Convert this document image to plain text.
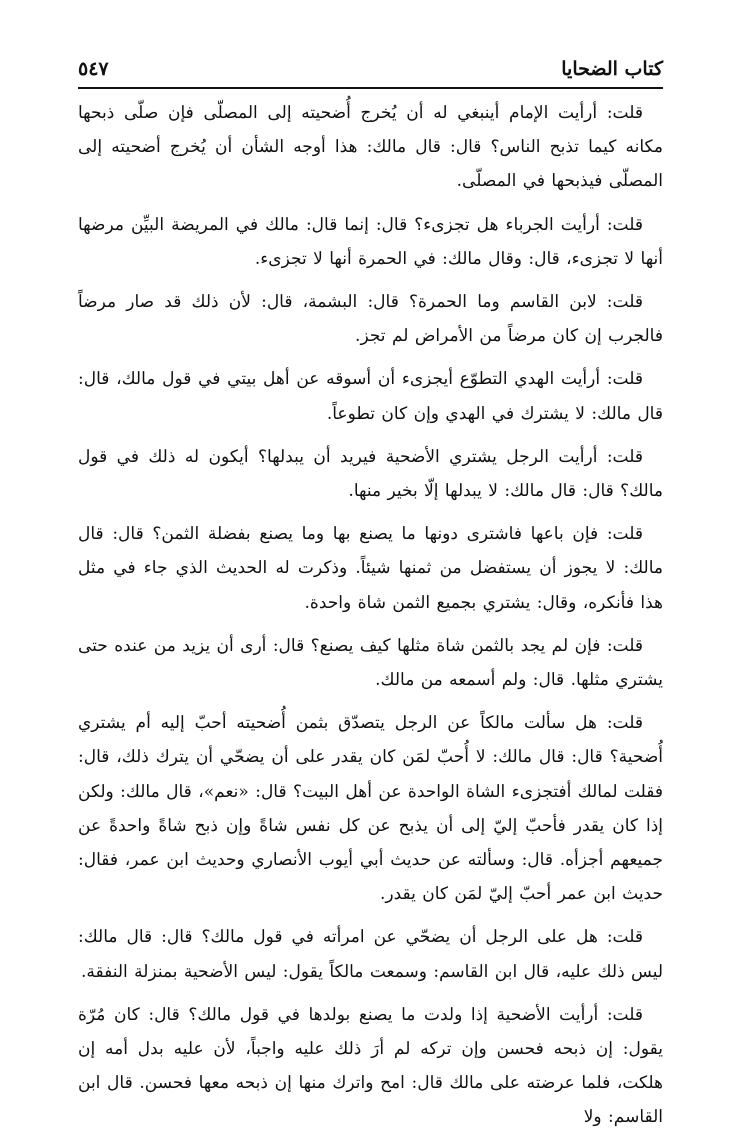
كتاب الضحايا
٥٤٧

قلت: أرأيت الإمام أينبغي له أن يُخرج أُضحيته إلى المصلّى فإن صلّى ذبحها مكانه كيما تذبح الناس؟ قال: قال مالك: هذا أوجه الشأن أن يُخرج أضحيته إلى المصلّى فيذبحها في المصلّى.

قلت: أرأيت الجرباء هل تجزىء؟ قال: إنما قال: مالك في المريضة البيِّن مرضها أنها لا تجزىء، قال: وقال مالك: في الحمرة أنها لا تجزىء.

قلت: لابن القاسم وما الحمرة؟ قال: البشمة، قال: لأن ذلك قد صار مرضاً فالجرب إن كان مرضاً من الأمراض لم تجز.

قلت: أرأيت الهدي التطوّع أيجزىء أن أسوقه عن أهل بيتي في قول مالك، قال: قال مالك: لا يشترك في الهدي وإن كان تطوعاً.

قلت: أرأيت الرجل يشتري الأضحية فيريد أن يبدلها؟ أيكون له ذلك في قول مالك؟ قال: قال مالك: لا يبدلها إلّا بخير منها.

قلت: فإن باعها فاشترى دونها ما يصنع بها وما يصنع بفضلة الثمن؟ قال: قال مالك: لا يجوز أن يستفضل من ثمنها شيئاً. وذكرت له الحديث الذي جاء في مثل هذا فأنكره، وقال: يشتري بجميع الثمن شاة واحدة.

قلت: فإن لم يجد بالثمن شاة مثلها كيف يصنع؟ قال: أرى أن يزيد من عنده حتى يشتري مثلها. قال: ولم أسمعه من مالك.

قلت: هل سألت مالكاً عن الرجل يتصدّق بثمن أُضحيته أحبّ إليه أم يشتري أُضحية؟ قال: قال مالك: لا أُحبّ لمَن كان يقدر على أن يضحّي أن يترك ذلك، قال: فقلت لمالك أفتجزىء الشاة الواحدة عن أهل البيت؟ قال: «نعم»، قال مالك: ولكن إذا كان يقدر فأحبّ إليّ إلى أن يذبح عن كل نفس شاةً وإن ذبح شاةً واحدةً عن جميعهم أجزأه. قال: وسألته عن حديث أبي أيوب الأنصاري وحديث ابن عمر، فقال: حديث ابن عمر أحبّ إليّ لمَن كان يقدر.

قلت: هل على الرجل أن يضحّي عن امرأته في قول مالك؟ قال: قال مالك: ليس ذلك عليه، قال ابن القاسم: وسمعت مالكاً يقول: ليس الأضحية بمنزلة النفقة.

قلت: أرأيت الأضحية إذا ولدت ما يصنع بولدها في قول مالك؟ قال: كان مُرّة يقول: إن ذبحه فحسن وإن تركه لم أرَ ذلك عليه واجباً، لأن عليه بدل أمه إن هلكت، فلما عرضته على مالك قال: امح واترك منها إن ذبحه معها فحسن. قال ابن القاسم: ولا
